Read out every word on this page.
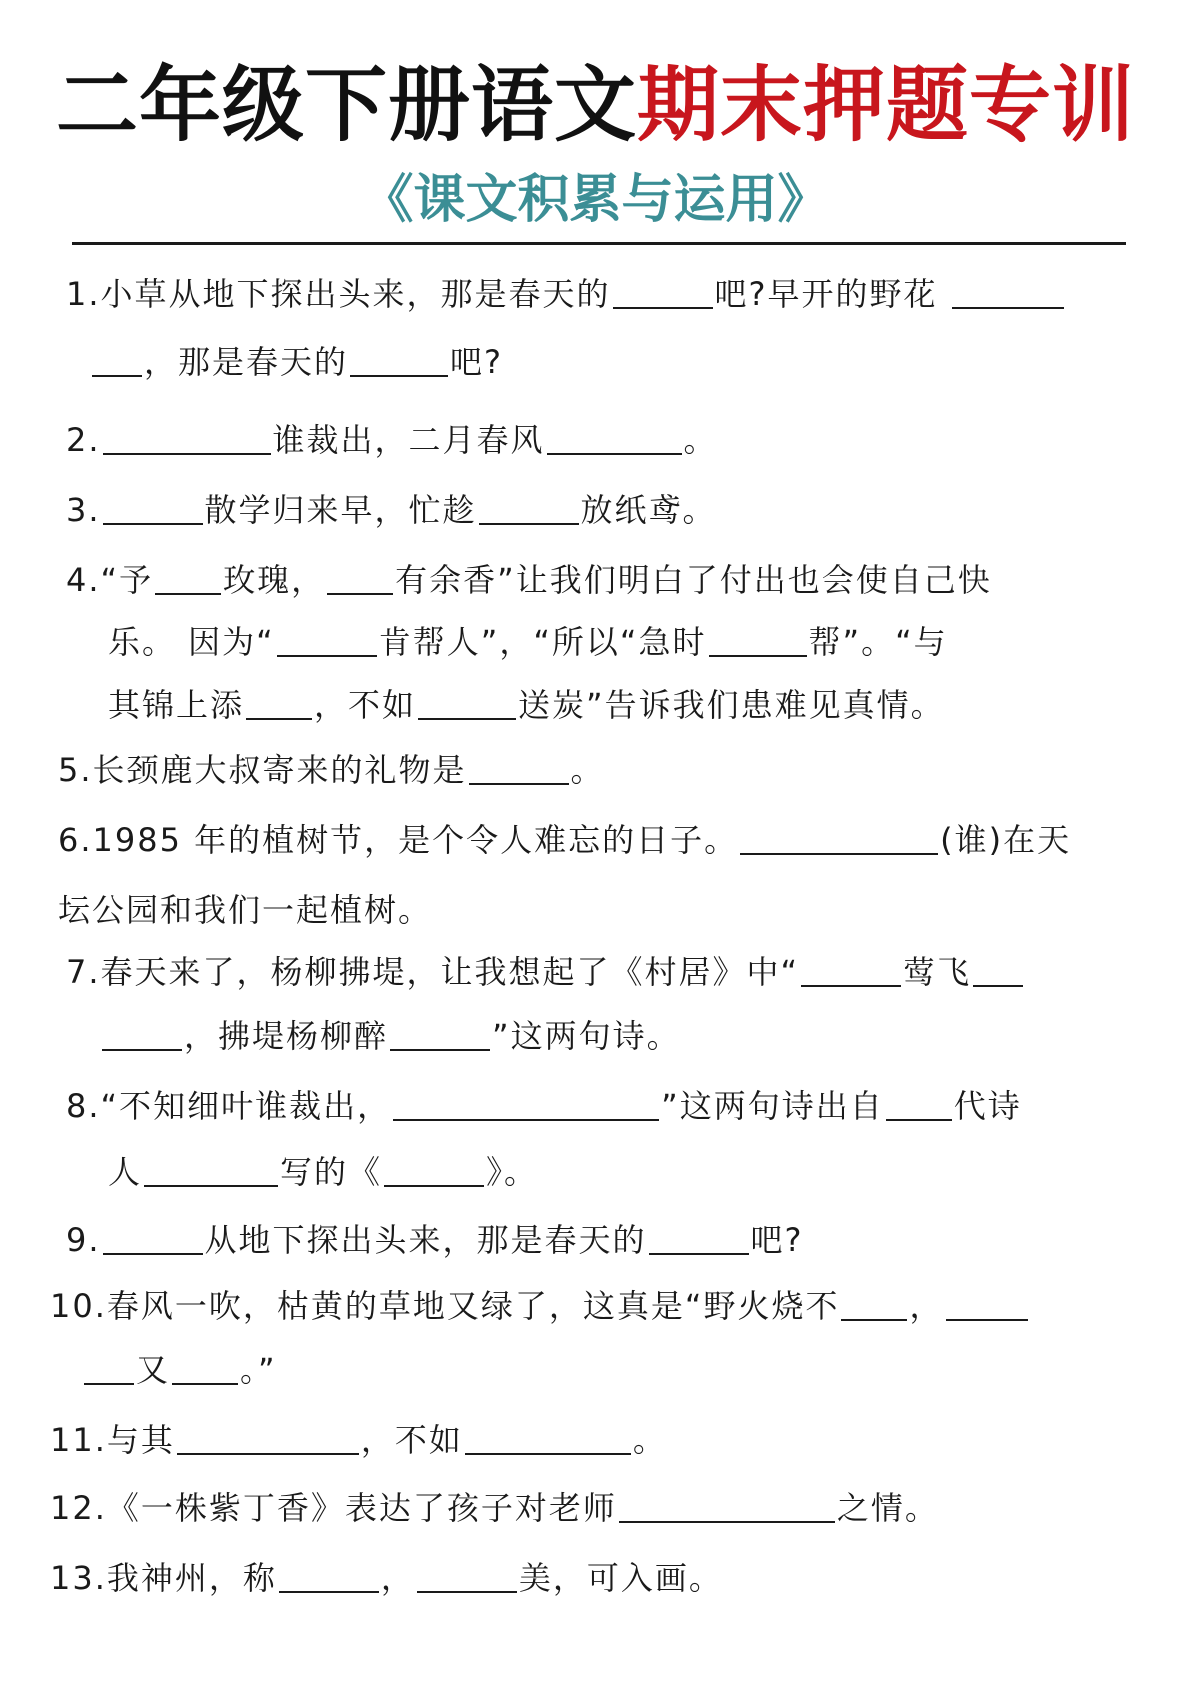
二年级下册语文期末押题专训
《课文积累与运用》
1.小草从地下探出头来，那是春天的	吧?早开的野花
，那是春天的	吧?
2.	谁裁出，二月春风	。
3.	散学归来早，忙趁	放纸鸢。
4.“予 玫瑰， 有余香”让我们明白了付出也会使自己快
乐。 因为“	肯帮人”，“所以“急时	帮”。“与
其锦上添 ，不如	送炭”告诉我们患难见真情。
5.长颈鹿大叔寄来的礼物是	。
6.1985 年的植树节，是个令人难忘的日子。	(谁)在天
坛公园和我们一起植树。
7.春天来了，杨柳拂堤，让我想起了《村居》中“	莺飞
，拂堤杨柳醉	”这两句诗。
8.“不知细叶谁裁出，	”这两句诗出自 代诗
人	写的《	》。
9.	从地下探出头来，那是春天的	吧?
10.春风一吹，枯黄的草地又绿了，这真是“野火烧不 ，
又 。”
11.与其	，不如	。
12.《一株紫丁香》表达了孩子对老师	之情。
13.我神州，称	，	美，可入画。
